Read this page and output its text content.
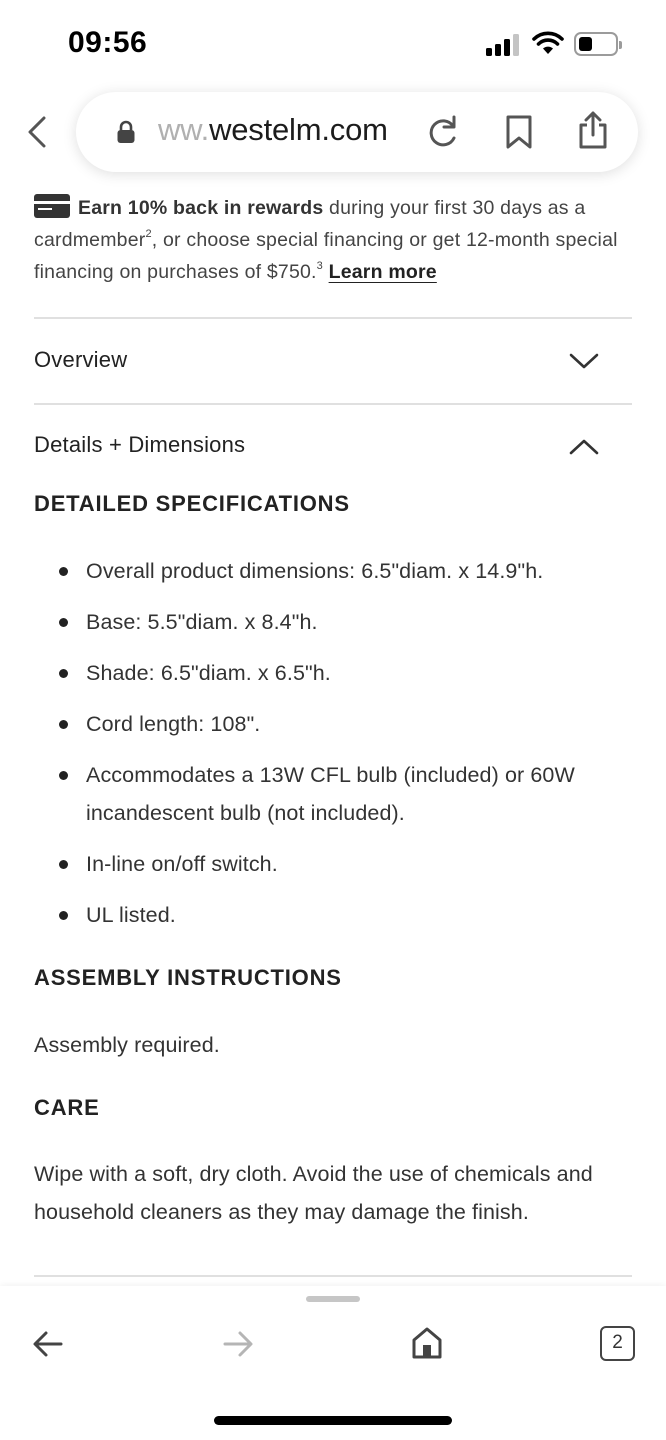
09:56
ww.westelm.com
Earn 10% back in rewards during your first 30 days as a cardmember$^2$, or choose special financing or get 12-month special financing on purchases of $750.$^3$ Learn more
Overview
Details + Dimensions
DETAILED SPECIFICATIONS
Overall product dimensions: 6.5"diam. x 14.9"h.
Base: 5.5"diam. x 8.4"h.
Shade: 6.5"diam. x 6.5"h.
Cord length: 108".
Accommodates a 13W CFL bulb (included) or 60W incandescent bulb (not included).
In-line on/off switch.
UL listed.
ASSEMBLY INSTRUCTIONS
Assembly required.
CARE
Wipe with a soft, dry cloth. Avoid the use of chemicals and household cleaners as they may damage the finish.
2
